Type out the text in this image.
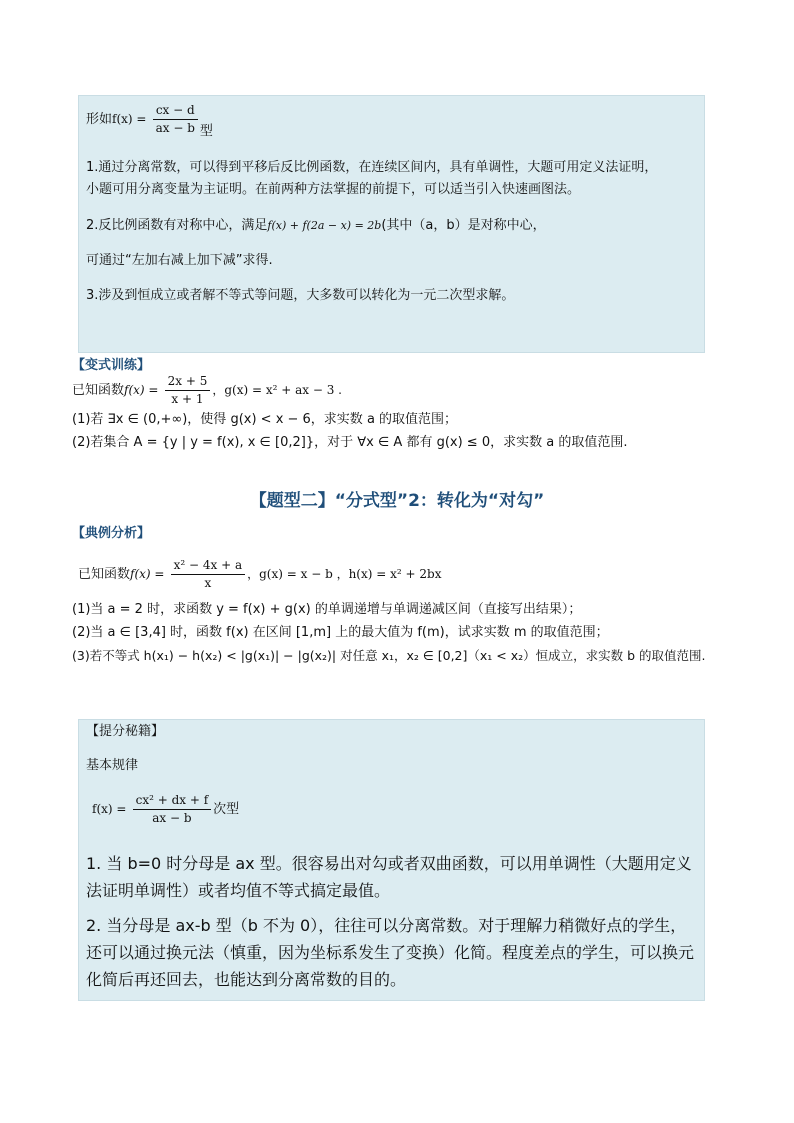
形如$f(x) = \frac{cx - d}{ax - b}$ 型
1.通过分离常数，可以得到平移后反比例函数，在连续区间内，具有单调性，大题可用定义法证明，
小题可用分离变量为主证明。在前两种方法掌握的前提下，可以适当引入快速画图法。
2.反比例函数有对称中心，满足f(x) + f(2a − x) = 2b(其中（a，b）是对称中心，
可通过“左加右减上加下减”求得.
3.涉及到恒成立或者解不等式等问题，大多数可以转化为一元二次型求解。
【变式训练】
已知函数$f(x) = \frac{2x + 5}{x + 1}$ ，g(x) = x² + ax − 3 .
(1)若 ∃x ∈ (0,+∞)，使得 g(x) < x − 6，求实数 a 的取值范围；
(2)若集合 A = {y | y = f(x), x ∈ [0,2]}，对于 ∀x ∈ A 都有 g(x) ≤ 0，求实数 a 的取值范围.
【题型二】“分式型”2：转化为“对勾”
【典例分析】
已知函数$f(x) = \frac{\text{x² − 4x + a}}{x}$ ，g(x) = x − b ，h(x) = x² + 2bx
(1)当 a = 2 时，求函数 y = f(x) + g(x) 的单调递增与单调递减区间（直接写出结果）；
(2)当 a ∈ [3,4] 时，函数 f(x) 在区间 [1,m] 上的最大值为 f(m)，试求实数 m 的取值范围；
(3)若不等式 h(x₁) − h(x₂) < |g(x₁)| − |g(x₂)| 对任意 x₁，x₂ ∈ [0,2]（x₁ < x₂）恒成立，求实数 b 的取值范围.
【提分秘籍】
基本规律
$f(x) = \frac{\text{cx² + dx + f}}{ax - b}$ 次型
1. 当 b=0 时分母是 ax 型。很容易出对勾或者双曲函数，可以用单调性（大题用定义法证明单调性）或者均值不等式搞定最值。
2. 当分母是 ax-b 型（b 不为 0），往往可以分离常数。对于理解力稍微好点的学生，还可以通过换元法（慎重，因为坐标系发生了变换）化简。程度差点的学生，可以换元化简后再还回去，也能达到分离常数的目的。
